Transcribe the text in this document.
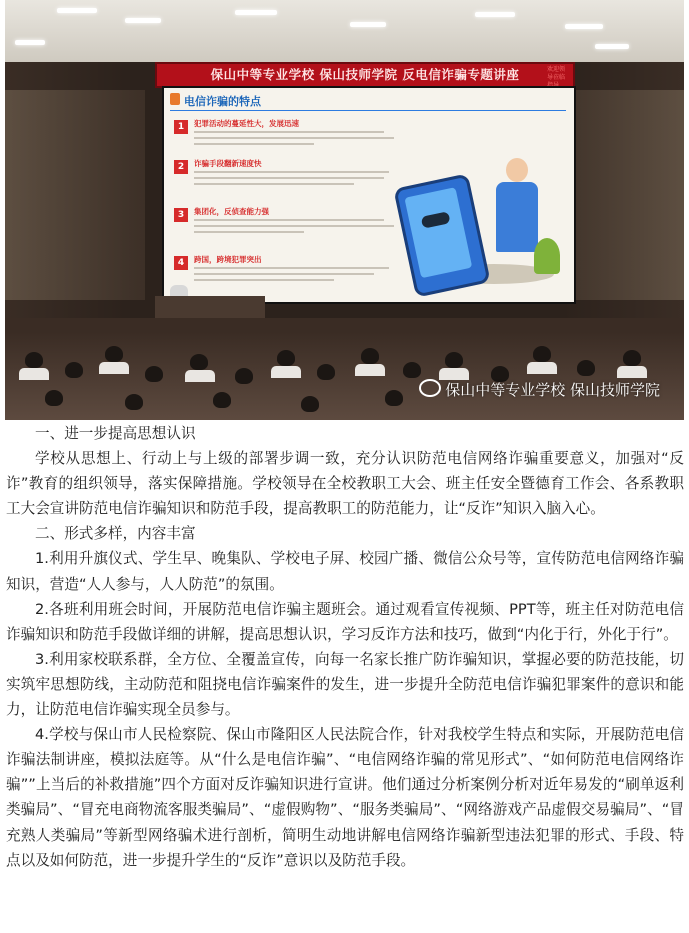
保山中等专业学校 保山技师学院 反电信诈骗专题讲座	欢迎领导莅临
电信诈骗的特点
1	犯罪活动的蔓延性大，发展迅速
2	诈骗手段翻新速度快
3	集团化，反侦查能力强
4	跨国，跨境犯罪突出
保山中等专业学校 保山技师学院

一、进一步提高思想认识

学校从思想上、行动上与上级的部署步调一致，充分认识防范电信网络诈骗重要意义，加强对“反诈”教育的组织领导，落实保障措施。学校领导在全校教职工大会、班主任安全暨德育工作会、各系教职工大会宣讲防范电信诈骗知识和防范手段，提高教职工的防范能力，让“反诈”知识入脑入心。

二、形式多样，内容丰富

1.利用升旗仪式、学生早、晚集队、学校电子屏、校园广播、微信公众号等，宣传防范电信网络诈骗知识，营造“人人参与，人人防范”的氛围。

2.各班利用班会时间，开展防范电信诈骗主题班会。通过观看宣传视频、PPT等，班主任对防范电信诈骗知识和防范手段做详细的讲解，提高思想认识，学习反诈方法和技巧，做到“内化于行，外化于行”。

3.利用家校联系群，全方位、全覆盖宣传，向每一名家长推广防诈骗知识，掌握必要的防范技能，切实筑牢思想防线，主动防范和阻挠电信诈骗案件的发生，进一步提升全防范电信诈骗犯罪案件的意识和能力，让防范电信诈骗实现全员参与。

4.学校与保山市人民检察院、保山市隆阳区人民法院合作，针对我校学生特点和实际，开展防范电信诈骗法制讲座，模拟法庭等。从“什么是电信诈骗”、“电信网络诈骗的常见形式”、“如何防范电信网络诈骗””上当后的补救措施”四个方面对反诈骗知识进行宣讲。他们通过分析案例分析对近年易发的“刷单返利类骗局”、“冒充电商物流客服类骗局”、“虚假购物”、“服务类骗局”、“网络游戏产品虚假交易骗局”、“冒充熟人类骗局”等新型网络骗术进行剖析，简明生动地讲解电信网络诈骗新型违法犯罪的形式、手段、特点以及如何防范，进一步提升学生的“反诈”意识以及防范手段。
